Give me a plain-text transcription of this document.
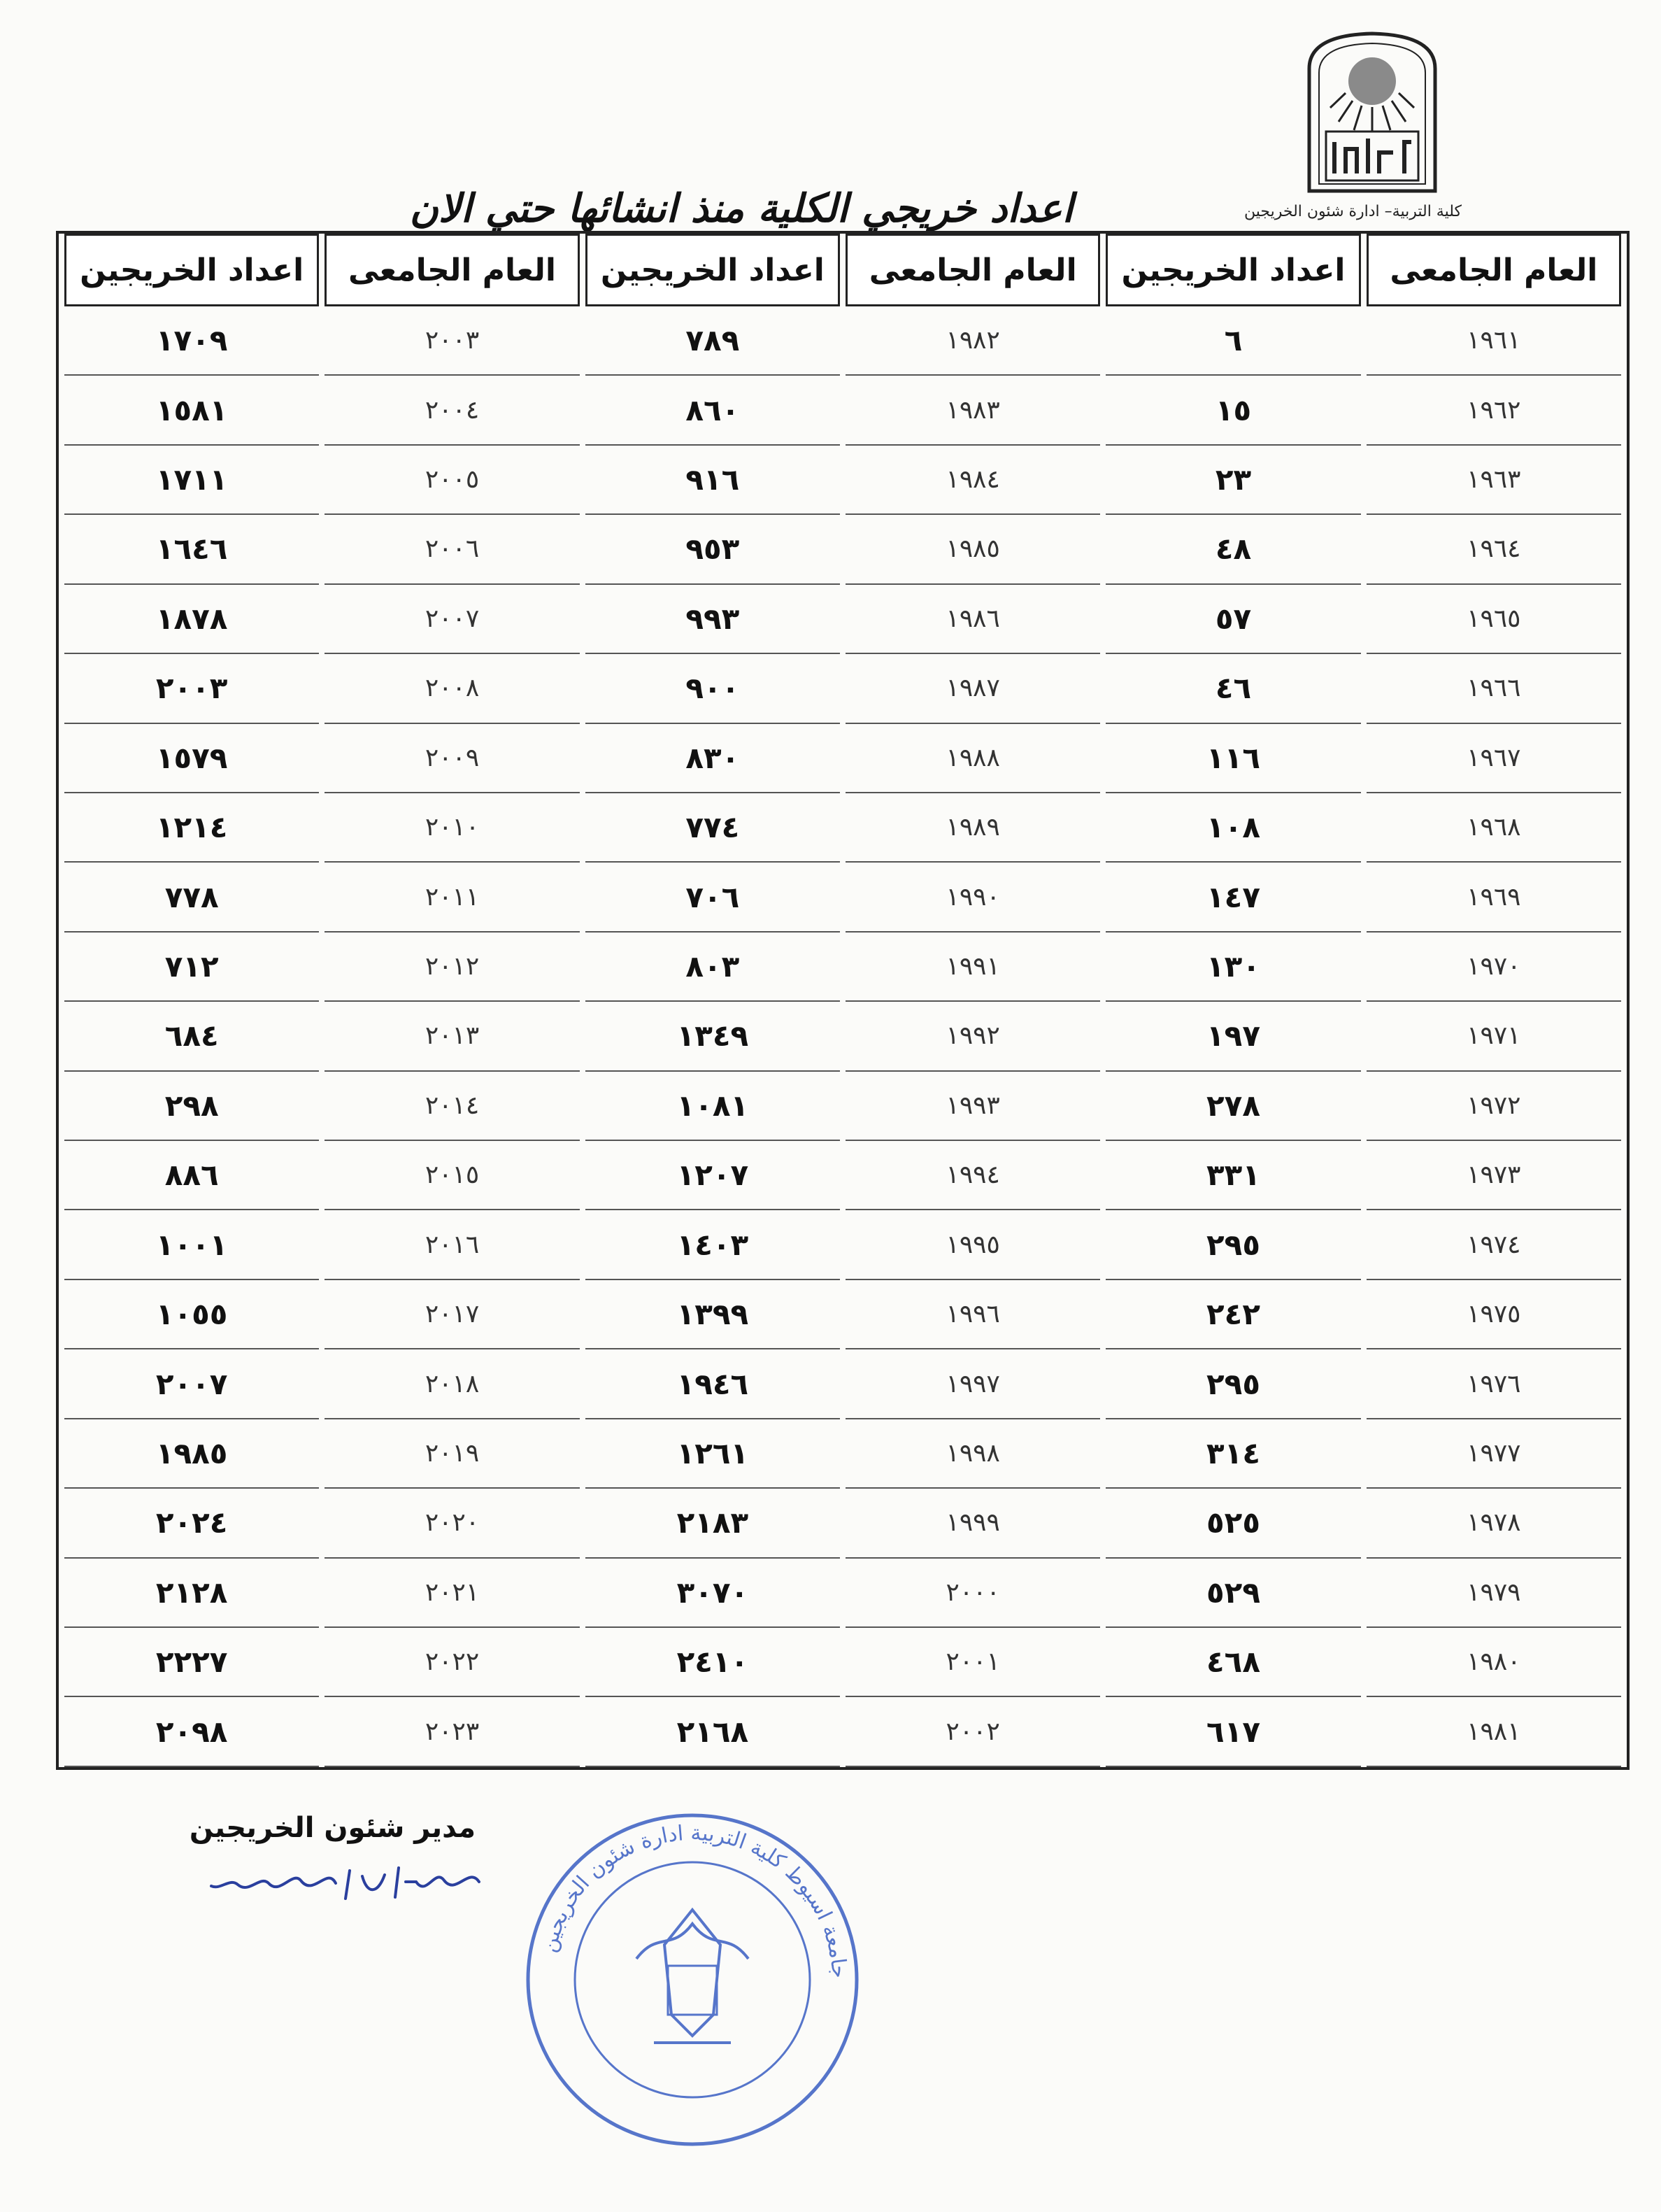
كلية التربية– ادارة شئون الخريجين
اعداد خريجي الكلية منذ انشائها حتي الان
العام الجامعى	اعداد الخريجين	العام الجامعى	اعداد الخريجين	العام الجامعى	اعداد الخريجين
١٩٦١	٦	١٩٨٢	٧٨٩	٢٠٠٣	١٧٠٩
١٩٦٢	١٥	١٩٨٣	٨٦٠	٢٠٠٤	١٥٨١
١٩٦٣	٢٣	١٩٨٤	٩١٦	٢٠٠٥	١٧١١
١٩٦٤	٤٨	١٩٨٥	٩٥٣	٢٠٠٦	١٦٤٦
١٩٦٥	٥٧	١٩٨٦	٩٩٣	٢٠٠٧	١٨٧٨
١٩٦٦	٤٦	١٩٨٧	٩٠٠	٢٠٠٨	٢٠٠٣
١٩٦٧	١١٦	١٩٨٨	٨٣٠	٢٠٠٩	١٥٧٩
١٩٦٨	١٠٨	١٩٨٩	٧٧٤	٢٠١٠	١٢١٤
١٩٦٩	١٤٧	١٩٩٠	٧٠٦	٢٠١١	٧٧٨
١٩٧٠	١٣٠	١٩٩١	٨٠٣	٢٠١٢	٧١٢
١٩٧١	١٩٧	١٩٩٢	١٣٤٩	٢٠١٣	٦٨٤
١٩٧٢	٢٧٨	١٩٩٣	١٠٨١	٢٠١٤	٢٩٨
١٩٧٣	٣٣١	١٩٩٤	١٢٠٧	٢٠١٥	٨٨٦
١٩٧٤	٢٩٥	١٩٩٥	١٤٠٣	٢٠١٦	١٠٠١
١٩٧٥	٢٤٢	١٩٩٦	١٣٩٩	٢٠١٧	١٠٥٥
١٩٧٦	٢٩٥	١٩٩٧	١٩٤٦	٢٠١٨	٢٠٠٧
١٩٧٧	٣١٤	١٩٩٨	١٢٦١	٢٠١٩	١٩٨٥
١٩٧٨	٥٢٥	١٩٩٩	٢١٨٣	٢٠٢٠	٢٠٢٤
١٩٧٩	٥٢٩	٢٠٠٠	٣٠٧٠	٢٠٢١	٢١٢٨
١٩٨٠	٤٦٨	٢٠٠١	٢٤١٠	٢٠٢٢	٢٢٢٧
١٩٨١	٦١٧	٢٠٠٢	٢١٦٨	٢٠٢٣	٢٠٩٨
مدير شئون الخريجين
جامعة اسيوط كلية التربية ادارة شئون الخريجين
